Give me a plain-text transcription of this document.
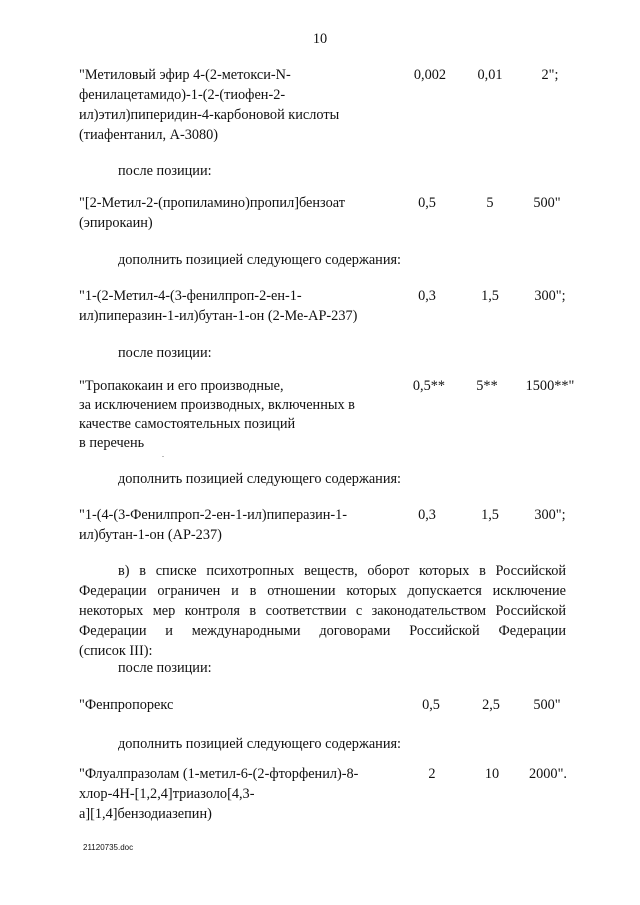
10
"Метиловый эфир 4-(2-метокси-N-
фенилацетамидо)-1-(2-(тиофен-2-
ил)этил)пиперидин-4-карбоновой кислоты
(тиафентанил, А-3080)
0,002	0,01	2";
после позиции:
"[2-Метил-2-(пропиламино)пропил]бензоат
(эпирокаин)
0,5	5	500"
дополнить позицией следующего содержания:
"1-(2-Метил-4-(3-фенилпроп-2-ен-1-
ил)пиперазин-1-ил)бутан-1-он (2-Ме-АР-237)
0,3	1,5	300";
после позиции:
"Тропакокаин и его производные,
за исключением производных, включенных в
качестве самостоятельных позиций
в перечень
0,5**	5**	1500**"
дополнить позицией следующего содержания:
"1-(4-(3-Фенилпроп-2-ен-1-ил)пиперазин-1-
ил)бутан-1-он (АР-237)
0,3	1,5	300";
в) в списке психотропных веществ, оборот которых в Российской
Федерации ограничен и в отношении которых допускается исключение
некоторых мер контроля в соответствии с законодательством Российской
Федерации и международными договорами Российской Федерации
(список III):
после позиции:
"Фенпропорекс	0,5	2,5	500"
дополнить позицией следующего содержания:
"Флуалпразолам (1-метил-6-(2-фторфенил)-8-
хлор-4Н-[1,2,4]триазоло[4,3-
а][1,4]бензодиазепин)
2	10	2000".
21120735.doc
